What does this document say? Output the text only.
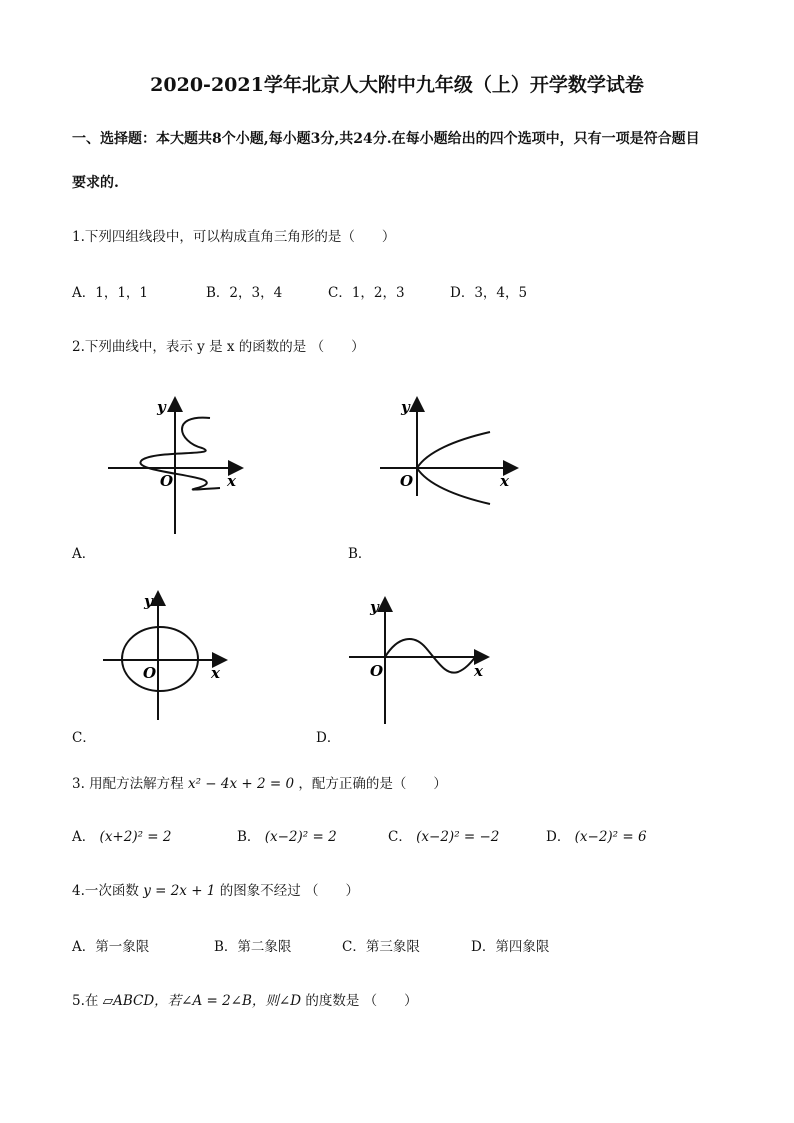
2020-2021学年北京人大附中九年级（上）开学数学试卷
一、选择题：本大题共8个小题,每小题3分,共24分.在每小题给出的四个选项中，只有一项是符合题目
要求的.
1.下列四组线段中，可以构成直角三角形的是（　　）
A．1，1，1	B．2，3，4	C．1，2，3	D．3，4，5
2.下列曲线中，表示 y 是 x 的函数的是 （　　）
y
x
O
A．
y
x
O
B．
y
x
O
C．
y
x
O
D．
3. 用配方法解方程 x² − 4x + 2 = 0 ，配方正确的是（　　）
A． (x+2)² = 2	B． (x−2)² = 2	C． (x−2)² = −2	D． (x−2)² = 6
4.一次函数 y = 2x + 1 的图象不经过 （　　）
A．第一象限	B．第二象限	C．第三象限	D．第四象限
5.在 ▱ABCD，若∠A = 2∠B，则∠D 的度数是 （　　）
